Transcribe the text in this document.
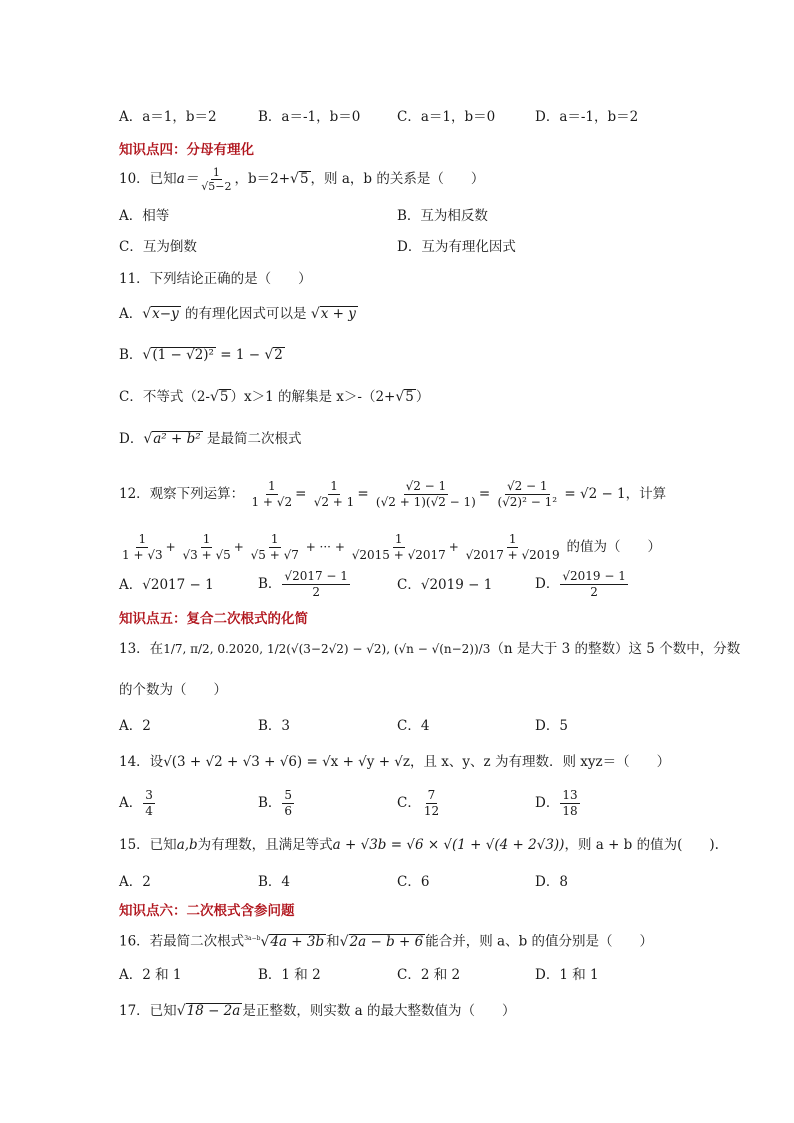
A．a＝1，b＝2	B．a＝-1，b＝0	C．a＝1，b＝0	D．a＝-1，b＝2
知识点四：分母有理化
10．已知$a= \frac{1}{√5-2}$ ，b＝2+ √ 5 ，则 a，b 的关系是（　　）
A．相等	B．互为相反数
C．互为倒数	D．互为有理化因式
11．下列结论正确的是（　　）
A． √ x−y 的有理化因式可以是 √ x + y
B． √ (1 − √2)² = 1 − √ 2
C．不等式（2- √ 5 ）x＞1 的解集是 x＞-（2+ √ 5 ）
D． √ a² + b² 是最简二次根式
12．观察下列运算： $\frac{1}{1 + √2} = \frac{1}{√2 + 1} = \frac{√2 - 1}{(√2 + 1)(√2 - 1)} = \frac{√2 - 1}{\text{(√2)² − 1²}} = √2 - 1$，计算
$\frac{1}{1 + √3} + \frac{1}{√3 + √5} + \frac{1}{√5 + √7}$ + ··· + $\frac{1}{√2015 + √2017} + \frac{1}{√2017 + √2019}$ 的值为（　　）
A．√2017 − 1	B． $\frac{√2017 - 1}{2}$	C．√2019 − 1	D． $\frac{√2019 - 1}{2}$
知识点五：复合二次根式的化简
13．在1/7, π/2, 0.2020, 1/2(√(3−2√2) − √2), (√n − √(n−2))/3（n 是大于 3 的整数）这 5 个数中，分数
的个数为（　　）
A．2	B．3	C．4	D．5
14．设√(3 + √2 + √3 + √6) = √x + √y + √z，且 x、y、z 为有理数．则 xyz＝（　　）
A． $\frac{3}{4}$	B． $\frac{5}{6}$	C． $\frac{7}{12}$	D． $\frac{13}{18}$
15．已知a,b为有理数，且满足等式a + √3b = √6 × √(1 + √(4 + 2√3))，则 a + b 的值为(　　).
A．2	B．4	C．6	D．8
知识点六：二次根式含参问题
16．若最简二次根式$^{3a-b}$ √ 4a + 3b 和 √ 2a − b + 6 能合并，则 a、b 的值分别是（　　）
A．2 和 1	B．1 和 2	C．2 和 2	D．1 和 1
17．已知 √ 18 − 2a 是正整数，则实数 a 的最大整数值为（　　）
